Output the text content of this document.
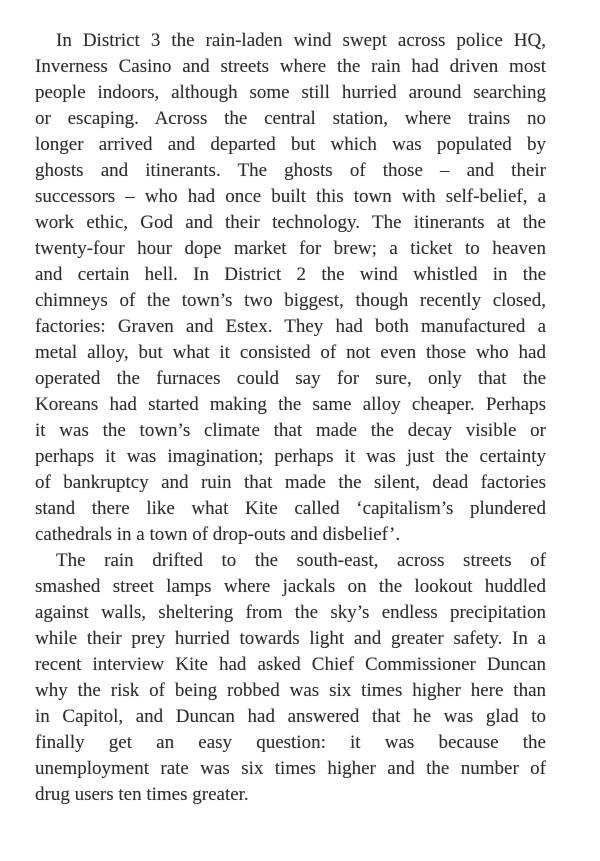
In District 3 the rain-laden wind swept across police HQ,
Inverness Casino and streets where the rain had driven most
people indoors, although some still hurried around searching
or escaping. Across the central station, where trains no
longer arrived and departed but which was populated by
ghosts and itinerants. The ghosts of those – and their
successors – who had once built this town with self-belief, a
work ethic, God and their technology. The itinerants at the
twenty-four hour dope market for brew; a ticket to heaven
and certain hell. In District 2 the wind whistled in the
chimneys of the town’s two biggest, though recently closed,
factories: Graven and Estex. They had both manufactured a
metal alloy, but what it consisted of not even those who had
operated the furnaces could say for sure, only that the
Koreans had started making the same alloy cheaper. Perhaps
it was the town’s climate that made the decay visible or
perhaps it was imagination; perhaps it was just the certainty
of bankruptcy and ruin that made the silent, dead factories
stand there like what Kite called ‘capitalism’s plundered
cathedrals in a town of drop-outs and disbelief’.
The rain drifted to the south-east, across streets of
smashed street lamps where jackals on the lookout huddled
against walls, sheltering from the sky’s endless precipitation
while their prey hurried towards light and greater safety. In a
recent interview Kite had asked Chief Commissioner Duncan
why the risk of being robbed was six times higher here than
in Capitol, and Duncan had answered that he was glad to
finally get an easy question: it was because the
unemployment rate was six times higher and the number of
drug users ten times greater.
